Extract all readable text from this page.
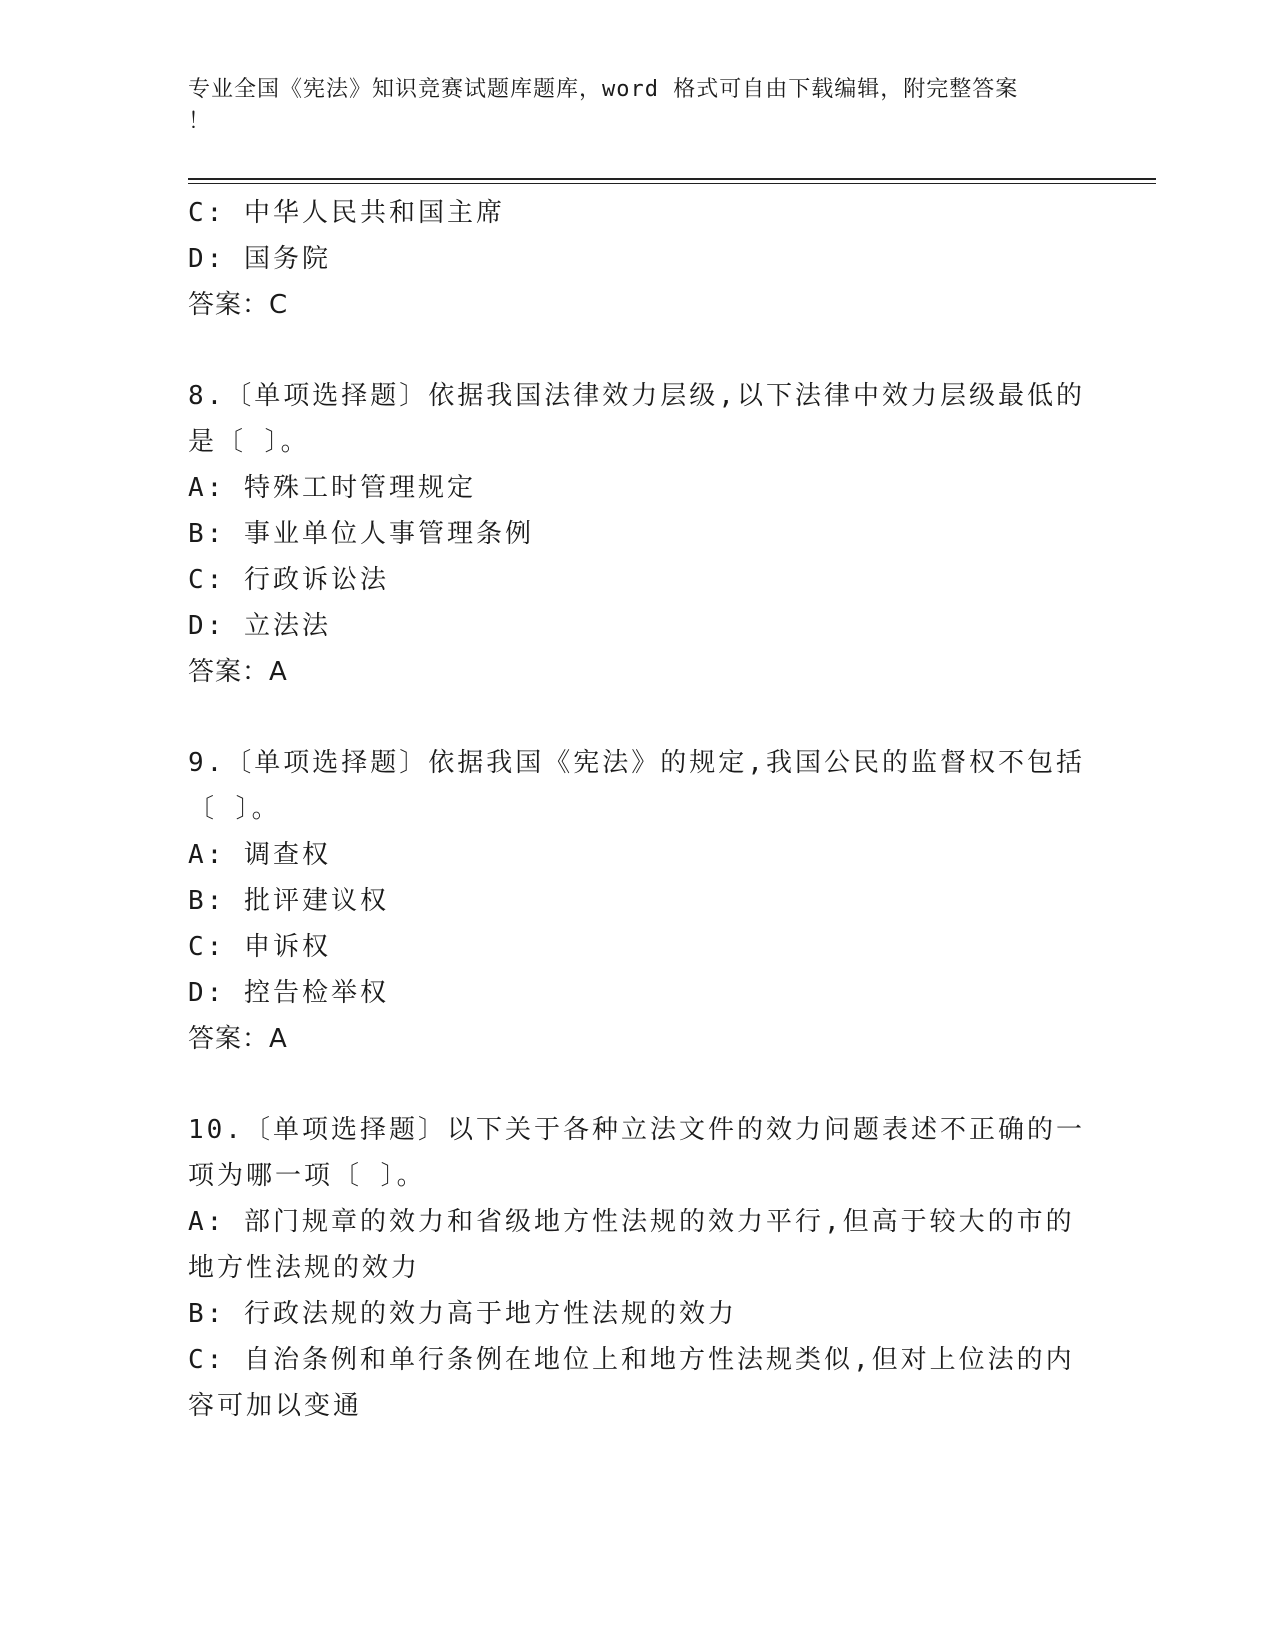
专业全国《宪法》知识竞赛试题库题库，word 格式可自由下载编辑，附完整答案
！
C: 中华人民共和国主席
D: 国务院
答案：C
8.〔单项选择题〕依据我国法律效力层级,以下法律中效力层级最低的
是〔 〕。
A: 特殊工时管理规定
B: 事业单位人事管理条例
C: 行政诉讼法
D: 立法法
答案：A
9.〔单项选择题〕依据我国《宪法》的规定,我国公民的监督权不包括
〔 〕。
A: 调查权
B: 批评建议权
C: 申诉权
D: 控告检举权
答案：A
10.〔单项选择题〕以下关于各种立法文件的效力问题表述不正确的一
项为哪一项〔 〕。
A: 部门规章的效力和省级地方性法规的效力平行,但高于较大的市的
地方性法规的效力
B: 行政法规的效力高于地方性法规的效力
C: 自治条例和单行条例在地位上和地方性法规类似,但对上位法的内
容可加以变通
